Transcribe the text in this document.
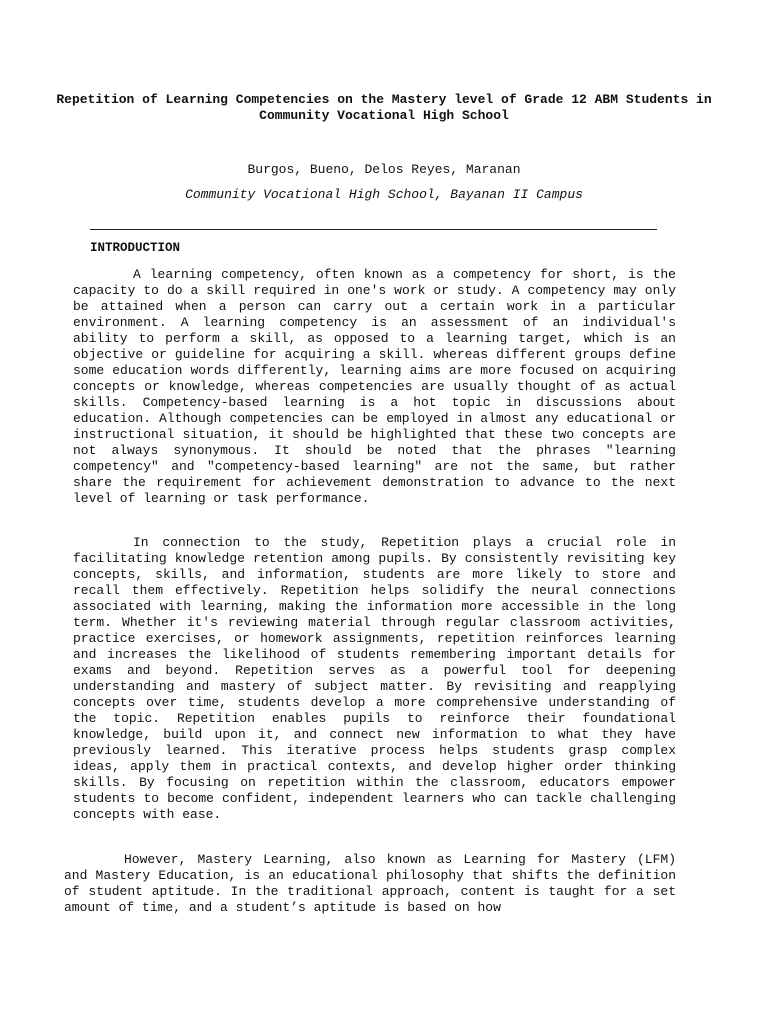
Repetition of Learning Competencies on the Mastery level of Grade 12 ABM Students in Community Vocational High School
Burgos, Bueno, Delos Reyes, Maranan
Community Vocational High School, Bayanan II Campus
INTRODUCTION

A learning competency, often known as a competency for short, is the capacity to do a skill required in one's work or study. A competency may only be attained when a person can carry out a certain work in a particular environment. A learning competency is an assessment of an individual's ability to perform a skill, as opposed to a learning target, which is an objective or guideline for acquiring a skill. whereas different groups define some education words differently, learning aims are more focused on acquiring concepts or knowledge, whereas competencies are usually thought of as actual skills. Competency-based learning is a hot topic in discussions about education. Although competencies can be employed in almost any educational or instructional situation, it should be highlighted that these two concepts are not always synonymous. It should be noted that the phrases "learning competency" and "competency-based learning" are not the same, but rather share the requirement for achievement demonstration to advance to the next level of learning or task performance.

In connection to the study, Repetition plays a crucial role in facilitating knowledge retention among pupils. By consistently revisiting key concepts, skills, and information, students are more likely to store and recall them effectively. Repetition helps solidify the neural connections associated with learning, making the information more accessible in the long term. Whether it's reviewing material through regular classroom activities, practice exercises, or homework assignments, repetition reinforces learning and increases the likelihood of students remembering important details for exams and beyond. Repetition serves as a powerful tool for deepening understanding and mastery of subject matter. By revisiting and reapplying concepts over time, students develop a more comprehensive understanding of the topic. Repetition enables pupils to reinforce their foundational knowledge, build upon it, and connect new information to what they have previously learned. This iterative process helps students grasp complex ideas, apply them in practical contexts, and develop higher order thinking skills. By focusing on repetition within the classroom, educators empower students to become confident, independent learners who can tackle challenging concepts with ease.

However, Mastery Learning, also known as Learning for Mastery (LFM) and Mastery Education, is an educational philosophy that shifts the definition of student aptitude. In the traditional approach, content is taught for a set amount of time, and a student’s aptitude is based on how
